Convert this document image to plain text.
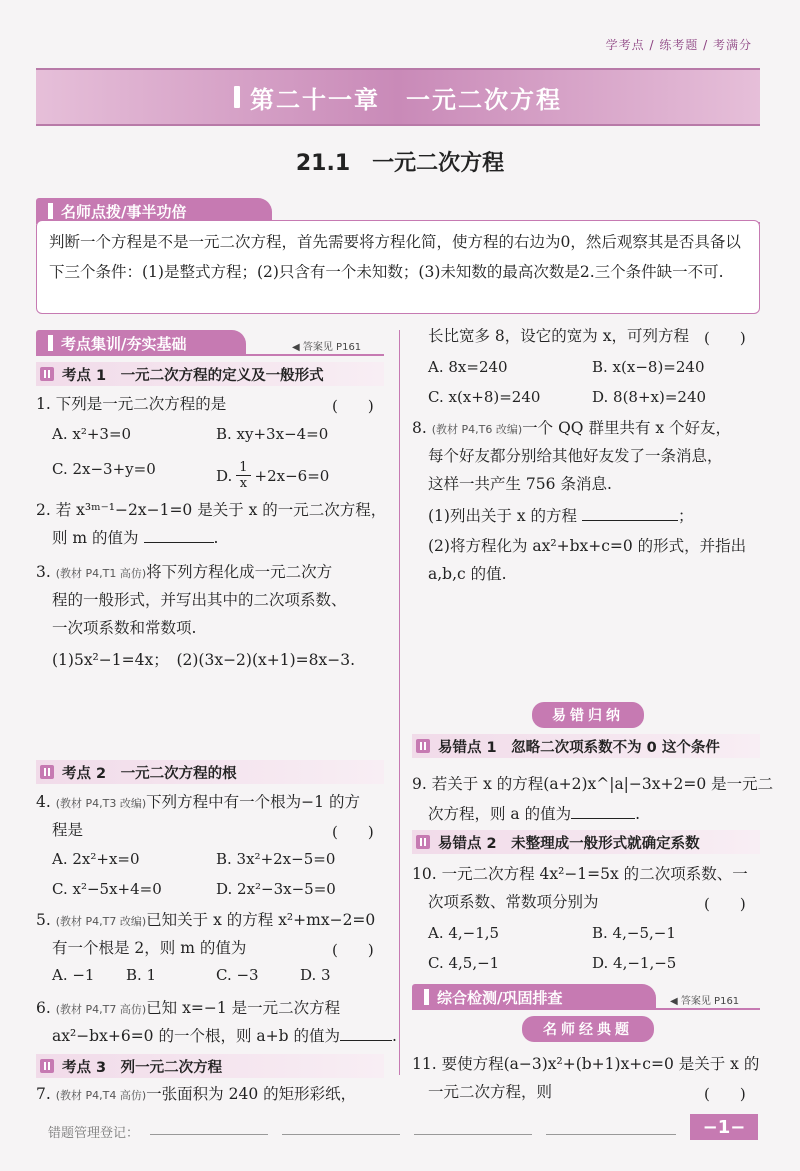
学考点 / 练考题 / 考满分
第二十一章　一元二次方程
21.1　一元二次方程
名师点拨/事半功倍
判断一个方程是不是一元二次方程，首先需要将方程化简，使方程的右边为0，然后观察其是否具备以下三个条件：(1)是整式方程；(2)只含有一个未知数；(3)未知数的最高次数是2.三个条件缺一不可.
考点集训/夯实基础	◀ 答案见 P161
考点 1　一元二次方程的定义及一般形式
1. 下列是一元二次方程的是	(　　)
A. x²+3=0	B. xy+3x−4=0
C. 2x−3+y=0	D. $\frac{1}{x} +2x-6=0$
2. 若 x³ᵐ⁻¹−2x−1=0 是关于 x 的一元二次方程，
则 m 的值为	.
3. (教材 P4,T1 高仿)将下列方程化成一元二次方
程的一般形式，并写出其中的二次项系数、
一次项系数和常数项.
(1)5x²−1=4x；　(2)(3x−2)(x+1)=8x−3.
考点 2　一元二次方程的根
4. (教材 P4,T3 改编)下列方程中有一个根为−1 的方
程是	(　　)
A. 2x²+x=0	B. 3x²+2x−5=0
C. x²−5x+4=0	D. 2x²−3x−5=0
5. (教材 P4,T7 改编)已知关于 x 的方程 x²+mx−2=0
有一个根是 2，则 m 的值为	(　　)
A. −1 B. 1	C. −3	D. 3
6. (教材 P4,T7 高仿)已知 x=−1 是一元二次方程
ax²−bx+6=0 的一个根，则 a+b 的值为	.
考点 3　列一元二次方程
7. (教材 P4,T4 高仿)一张面积为 240 的矩形彩纸，
长比宽多 8，设它的宽为 x，可列方程 (　　)
A. 8x=240	B. x(x−8)=240
C. x(x+8)=240	D. 8(8+x)=240
8. (教材 P4,T6 改编)一个 QQ 群里共有 x 个好友，
每个好友都分别给其他好友发了一条消息，
这样一共产生 756 条消息.
(1)列出关于 x 的方程	；
(2)将方程化为 ax²+bx+c=0 的形式，并指出
a,b,c 的值.
易错归纳
易错点 1　忽略二次项系数不为 0 这个条件
9. 若关于 x 的方程(a+2)x^|a|−3x+2=0 是一元二
次方程，则 a 的值为	.
易错点 2　未整理成一般形式就确定系数
10. 一元二次方程 4x²−1=5x 的二次项系数、一
次项系数、常数项分别为	(　　)
A. 4,−1,5	B. 4,−5,−1
C. 4,5,−1	D. 4,−1,−5
综合检测/巩固排查	◀ 答案见 P161
名师经典题
11. 要使方程(a−3)x²+(b+1)x+c=0 是关于 x 的
一元二次方程，则	(　　)
错题管理登记：	−1−
